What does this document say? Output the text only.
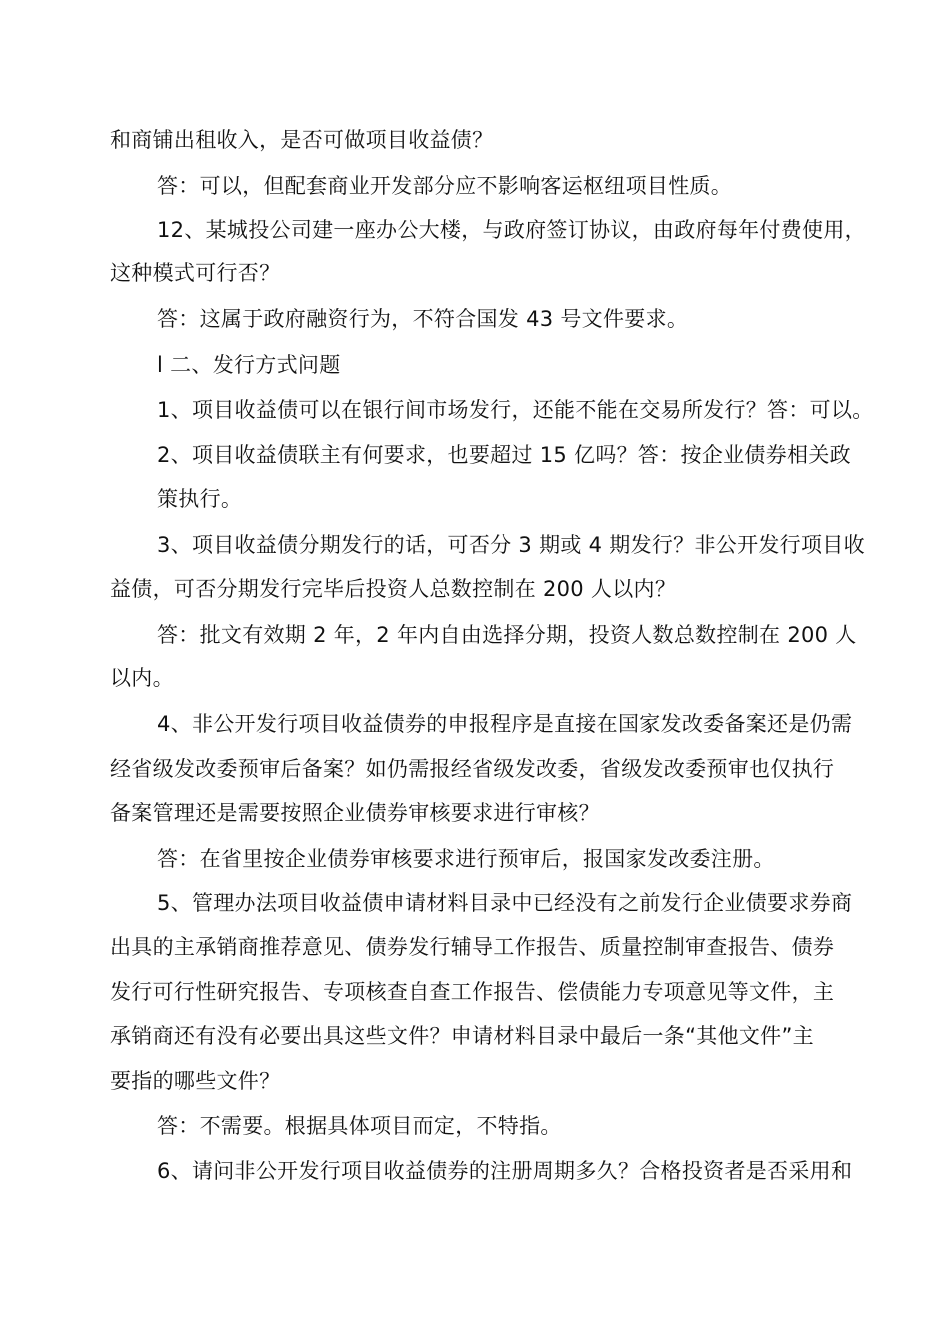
和商铺出租收入，是否可做项目收益债？
答：可以，但配套商业开发部分应不影响客运枢纽项目性质。
12、某城投公司建一座办公大楼，与政府签订协议，由政府每年付费使用，
这种模式可行否？
答：这属于政府融资行为，不符合国发 43 号文件要求。
l 二、发行方式问题
1、项目收益债可以在银行间市场发行，还能不能在交易所发行？答：可以。
2、项目收益债联主有何要求，也要超过 15 亿吗？答：按企业债券相关政
策执行。
3、项目收益债分期发行的话，可否分 3 期或 4 期发行？非公开发行项目收
益债，可否分期发行完毕后投资人总数控制在 200 人以内？
答：批文有效期 2 年，2 年内自由选择分期，投资人数总数控制在 200 人
以内。
4、非公开发行项目收益债券的申报程序是直接在国家发改委备案还是仍需
经省级发改委预审后备案？如仍需报经省级发改委，省级发改委预审也仅执行
备案管理还是需要按照企业债券审核要求进行审核？
答：在省里按企业债券审核要求进行预审后，报国家发改委注册。
5、管理办法项目收益债申请材料目录中已经没有之前发行企业债要求券商
出具的主承销商推荐意见、债券发行辅导工作报告、质量控制审查报告、债券
发行可行性研究报告、专项核查自查工作报告、偿债能力专项意见等文件，主
承销商还有没有必要出具这些文件？申请材料目录中最后一条“其他文件”主
要指的哪些文件？
答：不需要。根据具体项目而定，不特指。
6、请问非公开发行项目收益债券的注册周期多久？合格投资者是否采用和
